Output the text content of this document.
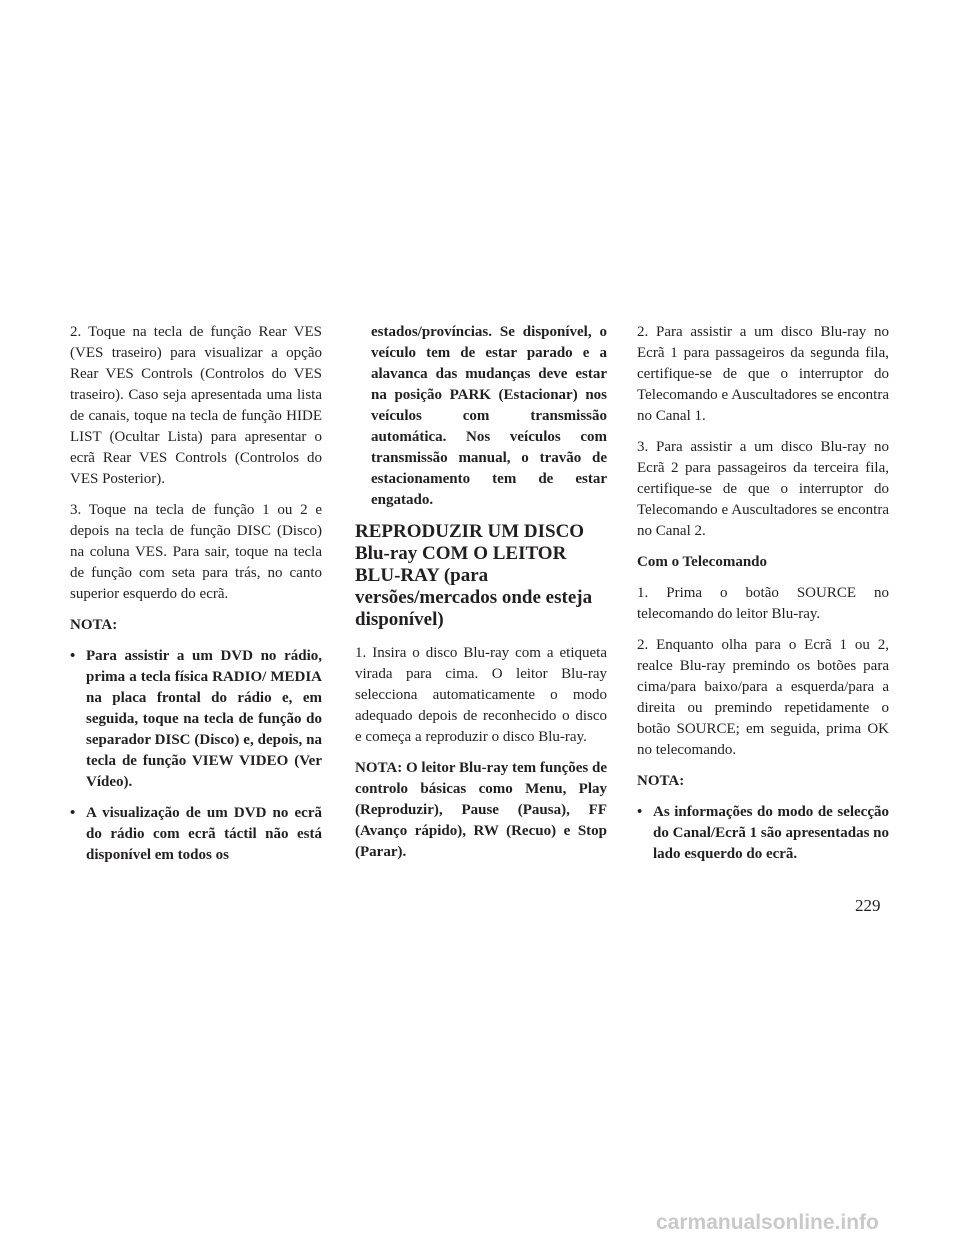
2. Toque na tecla de função Rear VES (VES traseiro) para visualizar a opção Rear VES Controls (Controlos do VES traseiro). Caso seja apresentada uma lista de canais, toque na tecla de função HIDE LIST (Ocultar Lista) para apresentar o ecrã Rear VES Controls (Controlos do VES Posterior).

3. Toque na tecla de função 1 ou 2 e depois na tecla de função DISC (Disco) na coluna VES. Para sair, toque na tecla de função com seta para trás, no canto superior esquerdo do ecrã.

NOTA:

• Para assistir a um DVD no rádio, prima a tecla física RADIO/ MEDIA na placa frontal do rádio e, em seguida, toque na tecla de função do separador DISC (Disco) e, depois, na tecla de função VIEW VIDEO (Ver Vídeo).
• A visualização de um DVD no ecrã do rádio com ecrã táctil não está disponível em todos os

estados/províncias. Se disponível, o veículo tem de estar parado e a alavanca das mudanças deve estar na posição PARK (Estacionar) nos veículos com transmissão automática. Nos veículos com transmissão manual, o travão de estacionamento tem de estar engatado.

REPRODUZIR UM DISCO Blu-ray COM O LEITOR BLU-RAY (para versões/mercados onde esteja disponível)

1. Insira o disco Blu-ray com a etiqueta virada para cima. O leitor Blu-ray selecciona automaticamente o modo adequado depois de reconhecido o disco e começa a reproduzir o disco Blu-ray.

NOTA: O leitor Blu-ray tem funções de controlo básicas como Menu, Play (Reproduzir), Pause (Pausa), FF (Avanço rápido), RW (Recuo) e Stop (Parar).

2. Para assistir a um disco Blu-ray no Ecrã 1 para passageiros da segunda fila, certifique-se de que o interruptor do Telecomando e Auscultadores se encontra no Canal 1.

3. Para assistir a um disco Blu-ray no Ecrã 2 para passageiros da terceira fila, certifique-se de que o interruptor do Telecomando e Auscultadores se encontra no Canal 2.

Com o Telecomando

1. Prima o botão SOURCE no telecomando do leitor Blu-ray.

2. Enquanto olha para o Ecrã 1 ou 2, realce Blu-ray premindo os botões para cima/para baixo/para a esquerda/para a direita ou premindo repetidamente o botão SOURCE; em seguida, prima OK no telecomando.

NOTA:

• As informações do modo de selecção do Canal/Ecrã 1 são apresentadas no lado esquerdo do ecrã.
229
carmanualsonline.info
